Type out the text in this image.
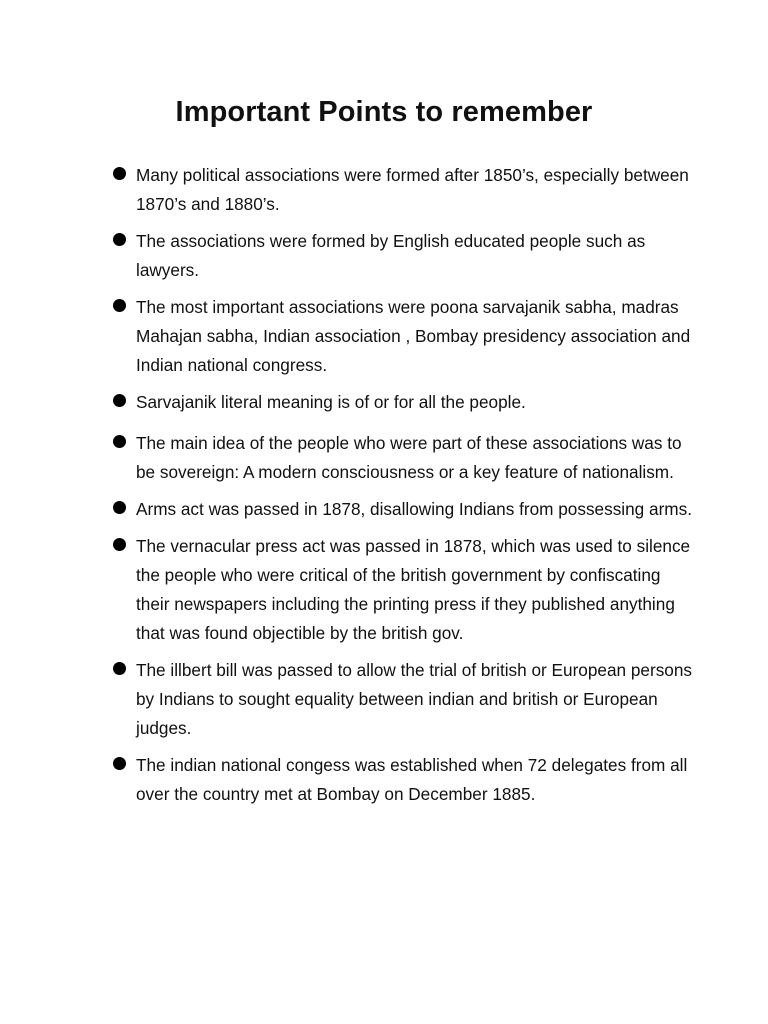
Important Points to remember
Many political associations were formed after 1850’s, especially between 1870’s and 1880’s.
The associations were formed by English educated people such as lawyers.
The most important associations were poona sarvajanik sabha, madras Mahajan sabha, Indian association , Bombay presidency association and Indian national congress.
Sarvajanik literal meaning is of or for all the people.
The main idea of the people who were part of these associations was to be sovereign: A modern consciousness or a key feature of nationalism.
Arms act was passed in 1878, disallowing Indians from possessing arms.
The vernacular press act was passed in 1878, which was used to silence the people who were critical of the british government by confiscating their newspapers including the printing press if they published anything that was found objectible by the british gov.
The illbert bill was passed to allow the trial of british or European persons by Indians to sought equality between indian and british or European judges.
The indian national congess was established when 72 delegates from all over the country met at Bombay on December 1885.
